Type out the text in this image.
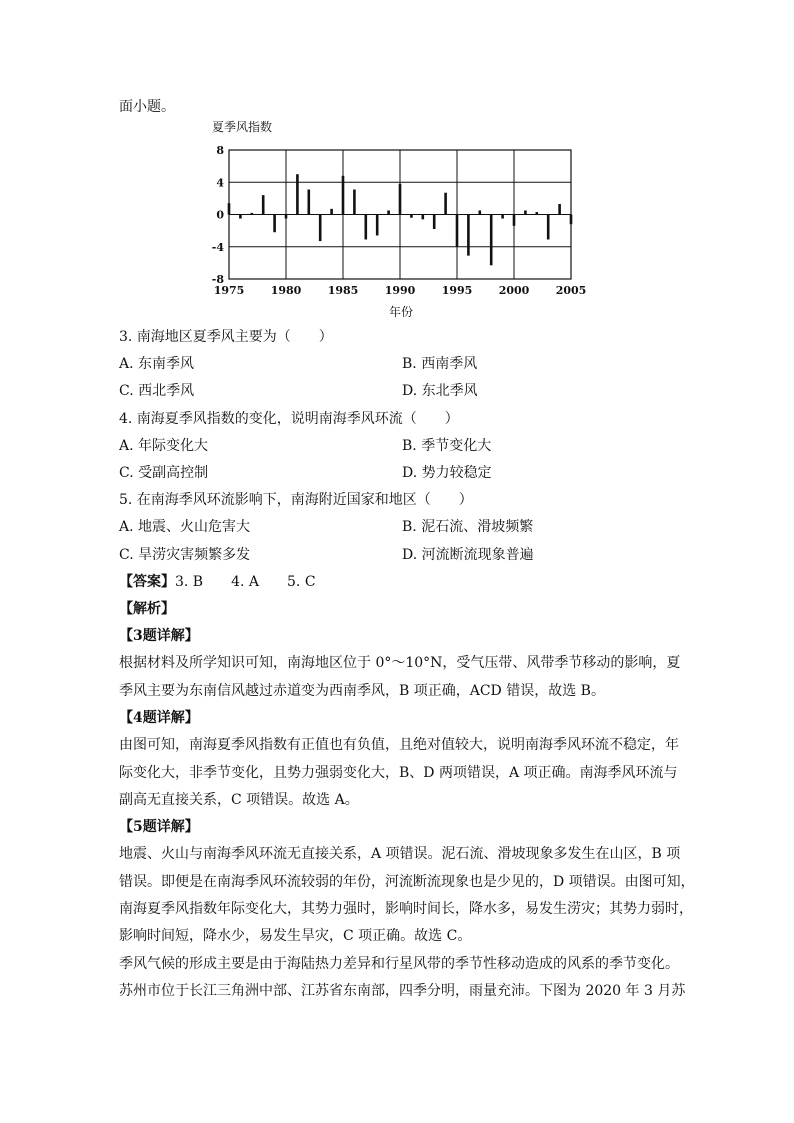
面小题。
夏季风指数
8
4
0
-4
-8
1975 1980 1985 1990 1995 2000 2005
年份
3. 南海地区夏季风主要为（　　）
A. 东南季风	B. 西南季风
C. 西北季风	D. 东北季风
4. 南海夏季风指数的变化，说明南海季风环流（　　）
A. 年际变化大	B. 季节变化大
C. 受副高控制	D. 势力较稳定
5. 在南海季风环流影响下，南海附近国家和地区（　　）
A. 地震、火山危害大	B. 泥石流、滑坡频繁
C. 旱涝灾害频繁多发	D. 河流断流现象普遍
【答案】3. B　　4. A　　5. C
【解析】
【3题详解】
根据材料及所学知识可知，南海地区位于 0°～10°N，受气压带、风带季节移动的影响，夏
季风主要为东南信风越过赤道变为西南季风，B 项正确，ACD 错误，故选 B。
【4题详解】
由图可知，南海夏季风指数有正值也有负值，且绝对值较大，说明南海季风环流不稳定，年
际变化大，非季节变化，且势力强弱变化大，B、D 两项错误，A 项正确。南海季风环流与
副高无直接关系，C 项错误。故选 A。
【5题详解】
地震、火山与南海季风环流无直接关系，A 项错误。泥石流、滑坡现象多发生在山区，B 项
错误。即便是在南海季风环流较弱的年份，河流断流现象也是少见的，D 项错误。由图可知，
南海夏季风指数年际变化大，其势力强时，影响时间长，降水多，易发生涝灾；其势力弱时，
影响时间短，降水少，易发生旱灾，C 项正确。故选 C。
季风气候的形成主要是由于海陆热力差异和行星风带的季节性移动造成的风系的季节变化。
苏州市位于长江三角洲中部、江苏省东南部，四季分明，雨量充沛。下图为 2020 年 3 月苏
